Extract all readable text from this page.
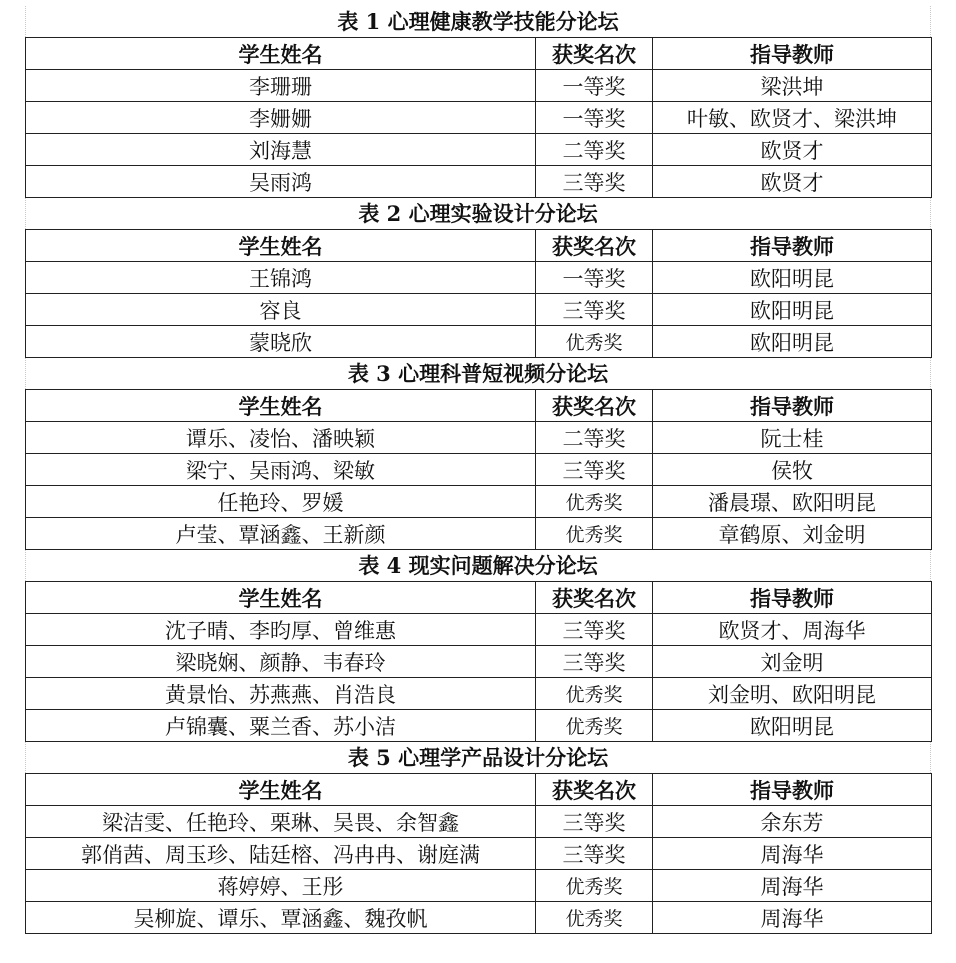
表 1 心理健康教学技能分论坛
学生姓名	获奖名次	指导教师
李珊珊	一等奖	梁洪坤
李姗姗	一等奖	叶敏、欧贤才、梁洪坤
刘海慧	二等奖	欧贤才
吴雨鸿	三等奖	欧贤才
表 2 心理实验设计分论坛
学生姓名	获奖名次	指导教师
王锦鸿	一等奖	欧阳明昆
容良	三等奖	欧阳明昆
蒙晓欣	优秀奖	欧阳明昆
表 3 心理科普短视频分论坛
学生姓名	获奖名次	指导教师
谭乐、凌怡、潘映颖	二等奖	阮士桂
梁宁、吴雨鸿、梁敏	三等奖	侯牧
任艳玲、罗媛	优秀奖	潘晨璟、欧阳明昆
卢莹、覃涵鑫、王新颜	优秀奖	章鹤原、刘金明
表 4 现实问题解决分论坛
学生姓名	获奖名次	指导教师
沈子晴、李昀厚、曾维惠	三等奖	欧贤才、周海华
梁晓娴、颜静、韦春玲	三等奖	刘金明
黄景怡、苏燕燕、肖浩良	优秀奖	刘金明、欧阳明昆
卢锦囊、粟兰香、苏小洁	优秀奖	欧阳明昆
表 5 心理学产品设计分论坛
学生姓名	获奖名次	指导教师
梁洁雯、任艳玲、栗琳、吴畏、余智鑫	三等奖	余东芳
郭俏茜、周玉珍、陆廷榕、冯冉冉、谢庭满	三等奖	周海华
蒋婷婷、王彤	优秀奖	周海华
吴柳旋、谭乐、覃涵鑫、魏孜帆	优秀奖	周海华
